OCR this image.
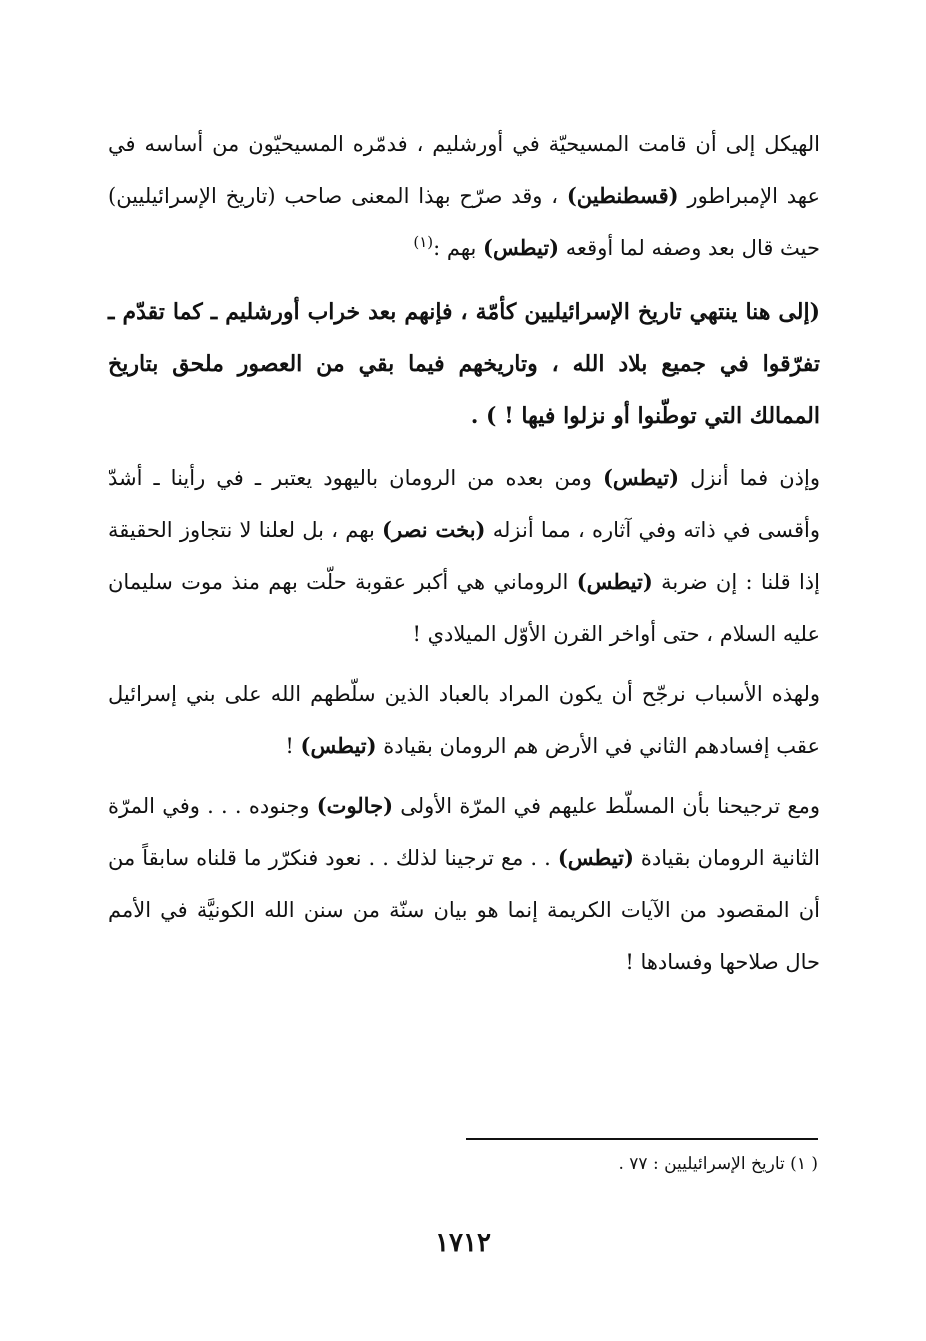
الهيكل إلى أن قامت المسيحيّة في أورشليم ، فدمّره المسيحيّون من أساسه في عهد الإمبراطور (قسطنطين) ، وقد صرّح بهذا المعنى صاحب (تاريخ الإسرائيليين) حيث قال بعد وصفه لما أوقعه (تيطس) بهم :$^{(١)}$

(إلى هنا ينتهي تاريخ الإسرائيليين كأمّة ، فإنهم بعد خراب أورشليم ـ كما تقدّم ـ تفرّقوا في جميع بلاد الله ، وتاريخهم فيما بقي من العصور ملحق بتاريخ الممالك التي توطّنوا أو نزلوا فيها ! ) .

وإذن فما أنزل (تيطس) ومن بعده من الرومان باليهود يعتبر ـ في رأينا ـ أشدّ وأقسى في ذاته وفي آثاره ، مما أنزله (بخت نصر) بهم ، بل لعلنا لا نتجاوز الحقيقة إذا قلنا : إن ضربة (تيطس) الروماني هي أكبر عقوبة حلّت بهم منذ موت سليمان عليه السلام ، حتى أواخر القرن الأوّل الميلادي !

ولهذه الأسباب نرجّح أن يكون المراد بالعباد الذين سلّطهم الله على بني إسرائيل عقب إفسادهم الثاني في الأرض هم الرومان بقيادة (تيطس) !

ومع ترجيحنا بأن المسلّط عليهم في المرّة الأولى (جالوت) وجنوده . . . وفي المرّة الثانية الرومان بقيادة (تيطس) . . مع ترجينا لذلك . . نعود فنكرّر ما قلناه سابقاً من أن المقصود من الآيات الكريمة إنما هو بيان سنّة من سنن الله الكونيَّة في الأمم حال صلاحها وفسادها !

( ١) تاريخ الإسرائيليين : ٧٧ .
١٧١٢
